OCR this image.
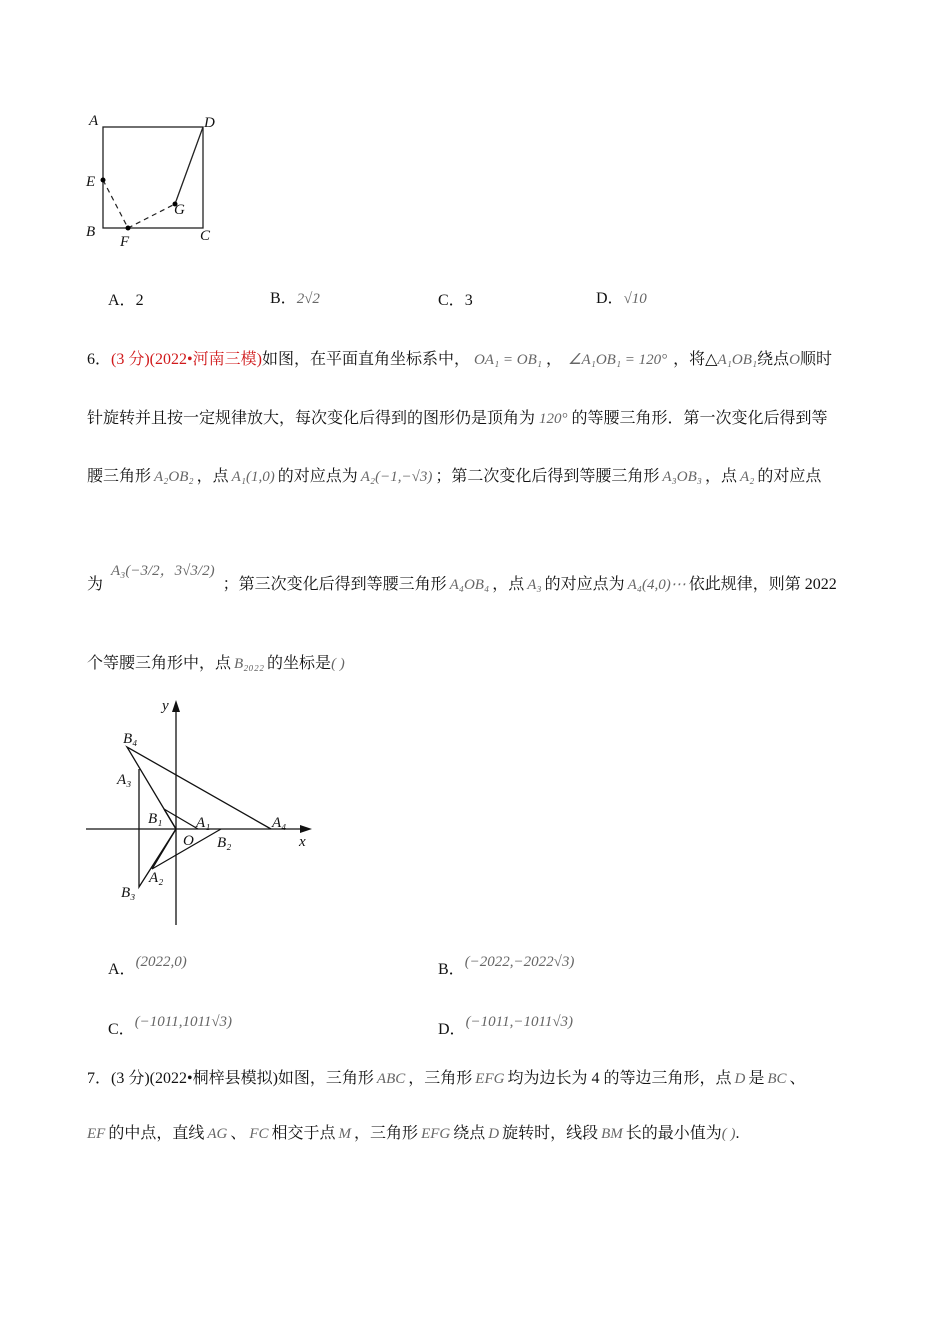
A	D
E
G
B
F	C
A．2	B．2√2	C．3	D．√10
6．(3 分)(2022•河南三模)如图，在平面直角坐标系中， OA₁ = OB₁ ， ∠A₁OB₁ = 120° ，将△A₁OB₁绕点O顺时
针旋转并且按一定规律放大，每次变化后得到的图形仍是顶角为 120° 的等腰三角形．第一次变化后得到等
腰三角形 A₂OB₂ ，点 A₁(1,0) 的对应点为 A₂(−1,−√3) ；第二次变化后得到等腰三角形 A₃OB₃ ，点 A₂ 的对应点
为A₃(−3/2，3√3/2)；第三次变化后得到等腰三角形 A₄OB₄ ，点 A₃ 的对应点为 A₄(4,0)⋯ 依此规律，则第 2022
个等腰三角形中，点 B₂₀₂₂ 的坐标是( )
y
B₄
A₃
B₁ A₁	A₄
O B₂	x
A₂
B₃
A．(2022,0)	B．(−2022,−2022√3)
C．(−1011,1011√3)	D．(−1011,−1011√3)
7．(3 分)(2022•桐梓县模拟)如图，三角形 ABC ，三角形 EFG 均为边长为 4 的等边三角形，点 D 是 BC 、
EF 的中点，直线 AG 、 FC 相交于点 M ，三角形 EFG 绕点 D 旋转时，线段 BM 长的最小值为( ).
